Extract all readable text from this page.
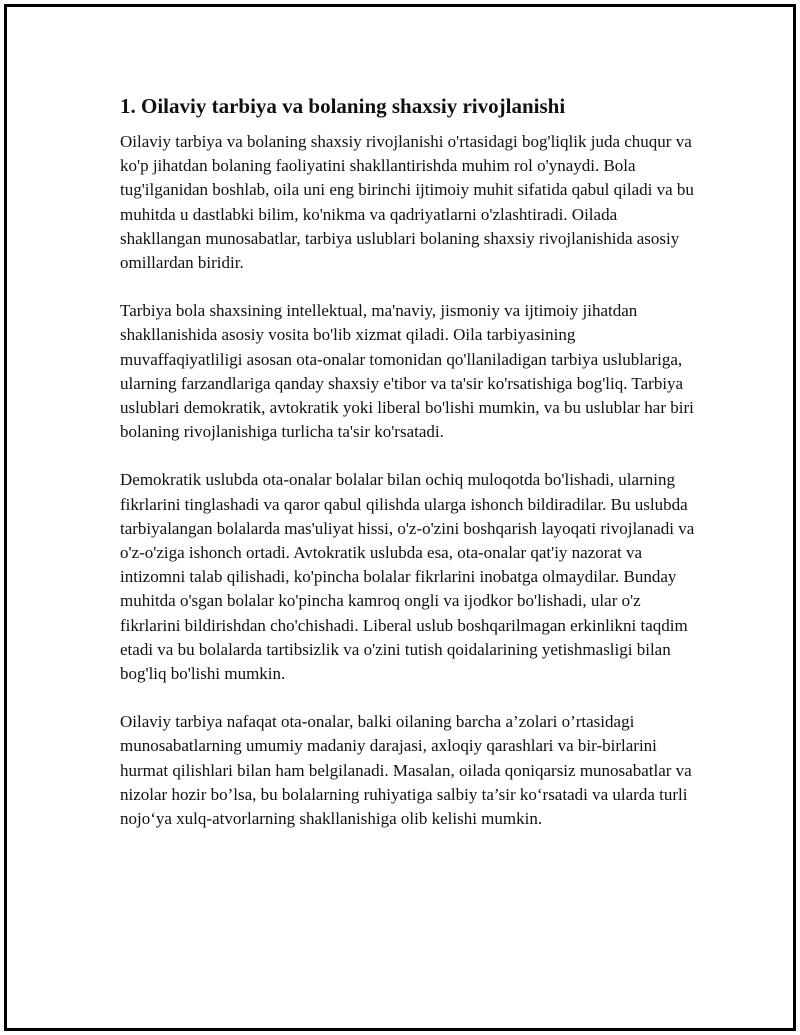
1. Oilaviy tarbiya va bolaning shaxsiy rivojlanishi

Oilaviy tarbiya va bolaning shaxsiy rivojlanishi o'rtasidagi bog'liqlik juda chuqur va ko'p jihatdan bolaning faoliyatini shakllantirishda muhim rol o'ynaydi. Bola tug'ilganidan boshlab, oila uni eng birinchi ijtimoiy muhit sifatida qabul qiladi va bu muhitda u dastlabki bilim, ko'nikma va qadriyatlarni o'zlashtiradi. Oilada shakllangan munosabatlar, tarbiya uslublari bolaning shaxsiy rivojlanishida asosiy omillardan biridir.

Tarbiya bola shaxsining intellektual, ma'naviy, jismoniy va ijtimoiy jihatdan shakllanishida asosiy vosita bo'lib xizmat qiladi. Oila tarbiyasining muvaffaqiyatliligi asosan ota-onalar tomonidan qo'llaniladigan tarbiya uslublariga, ularning farzandlariga qanday shaxsiy e'tibor va ta'sir ko'rsatishiga bog'liq. Tarbiya uslublari demokratik, avtokratik yoki liberal bo'lishi mumkin, va bu uslublar har biri bolaning rivojlanishiga turlicha ta'sir ko'rsatadi.

Demokratik uslubda ota-onalar bolalar bilan ochiq muloqotda bo'lishadi, ularning fikrlarini tinglashadi va qaror qabul qilishda ularga ishonch bildiradilar. Bu uslubda tarbiyalangan bolalarda mas'uliyat hissi, o'z-o'zini boshqarish layoqati rivojlanadi va o'z-o'ziga ishonch ortadi. Avtokratik uslubda esa, ota-onalar qat'iy nazorat va intizomni talab qilishadi, ko'pincha bolalar fikrlarini inobatga olmaydilar. Bunday muhitda o'sgan bolalar ko'pincha kamroq ongli va ijodkor bo'lishadi, ular o'z fikrlarini bildirishdan cho'chishadi. Liberal uslub boshqarilmagan erkinlikni taqdim etadi va bu bolalarda tartibsizlik va o'zini tutish qoidalarining yetishmasligi bilan bog'liq bo'lishi mumkin.

Oilaviy tarbiya nafaqat ota-onalar, balki oilaning barcha a’zolari o’rtasidagi munosabatlarning umumiy madaniy darajasi, axloqiy qarashlari va bir-birlarini hurmat qilishlari bilan ham belgilanadi. Masalan, oilada qoniqarsiz munosabatlar va nizolar hozir bo’lsa, bu bolalarning ruhiyatiga salbiy ta’sir ko‘rsatadi va ularda turli nojo‘ya xulq-atvorlarning shakllanishiga olib kelishi mumkin.
